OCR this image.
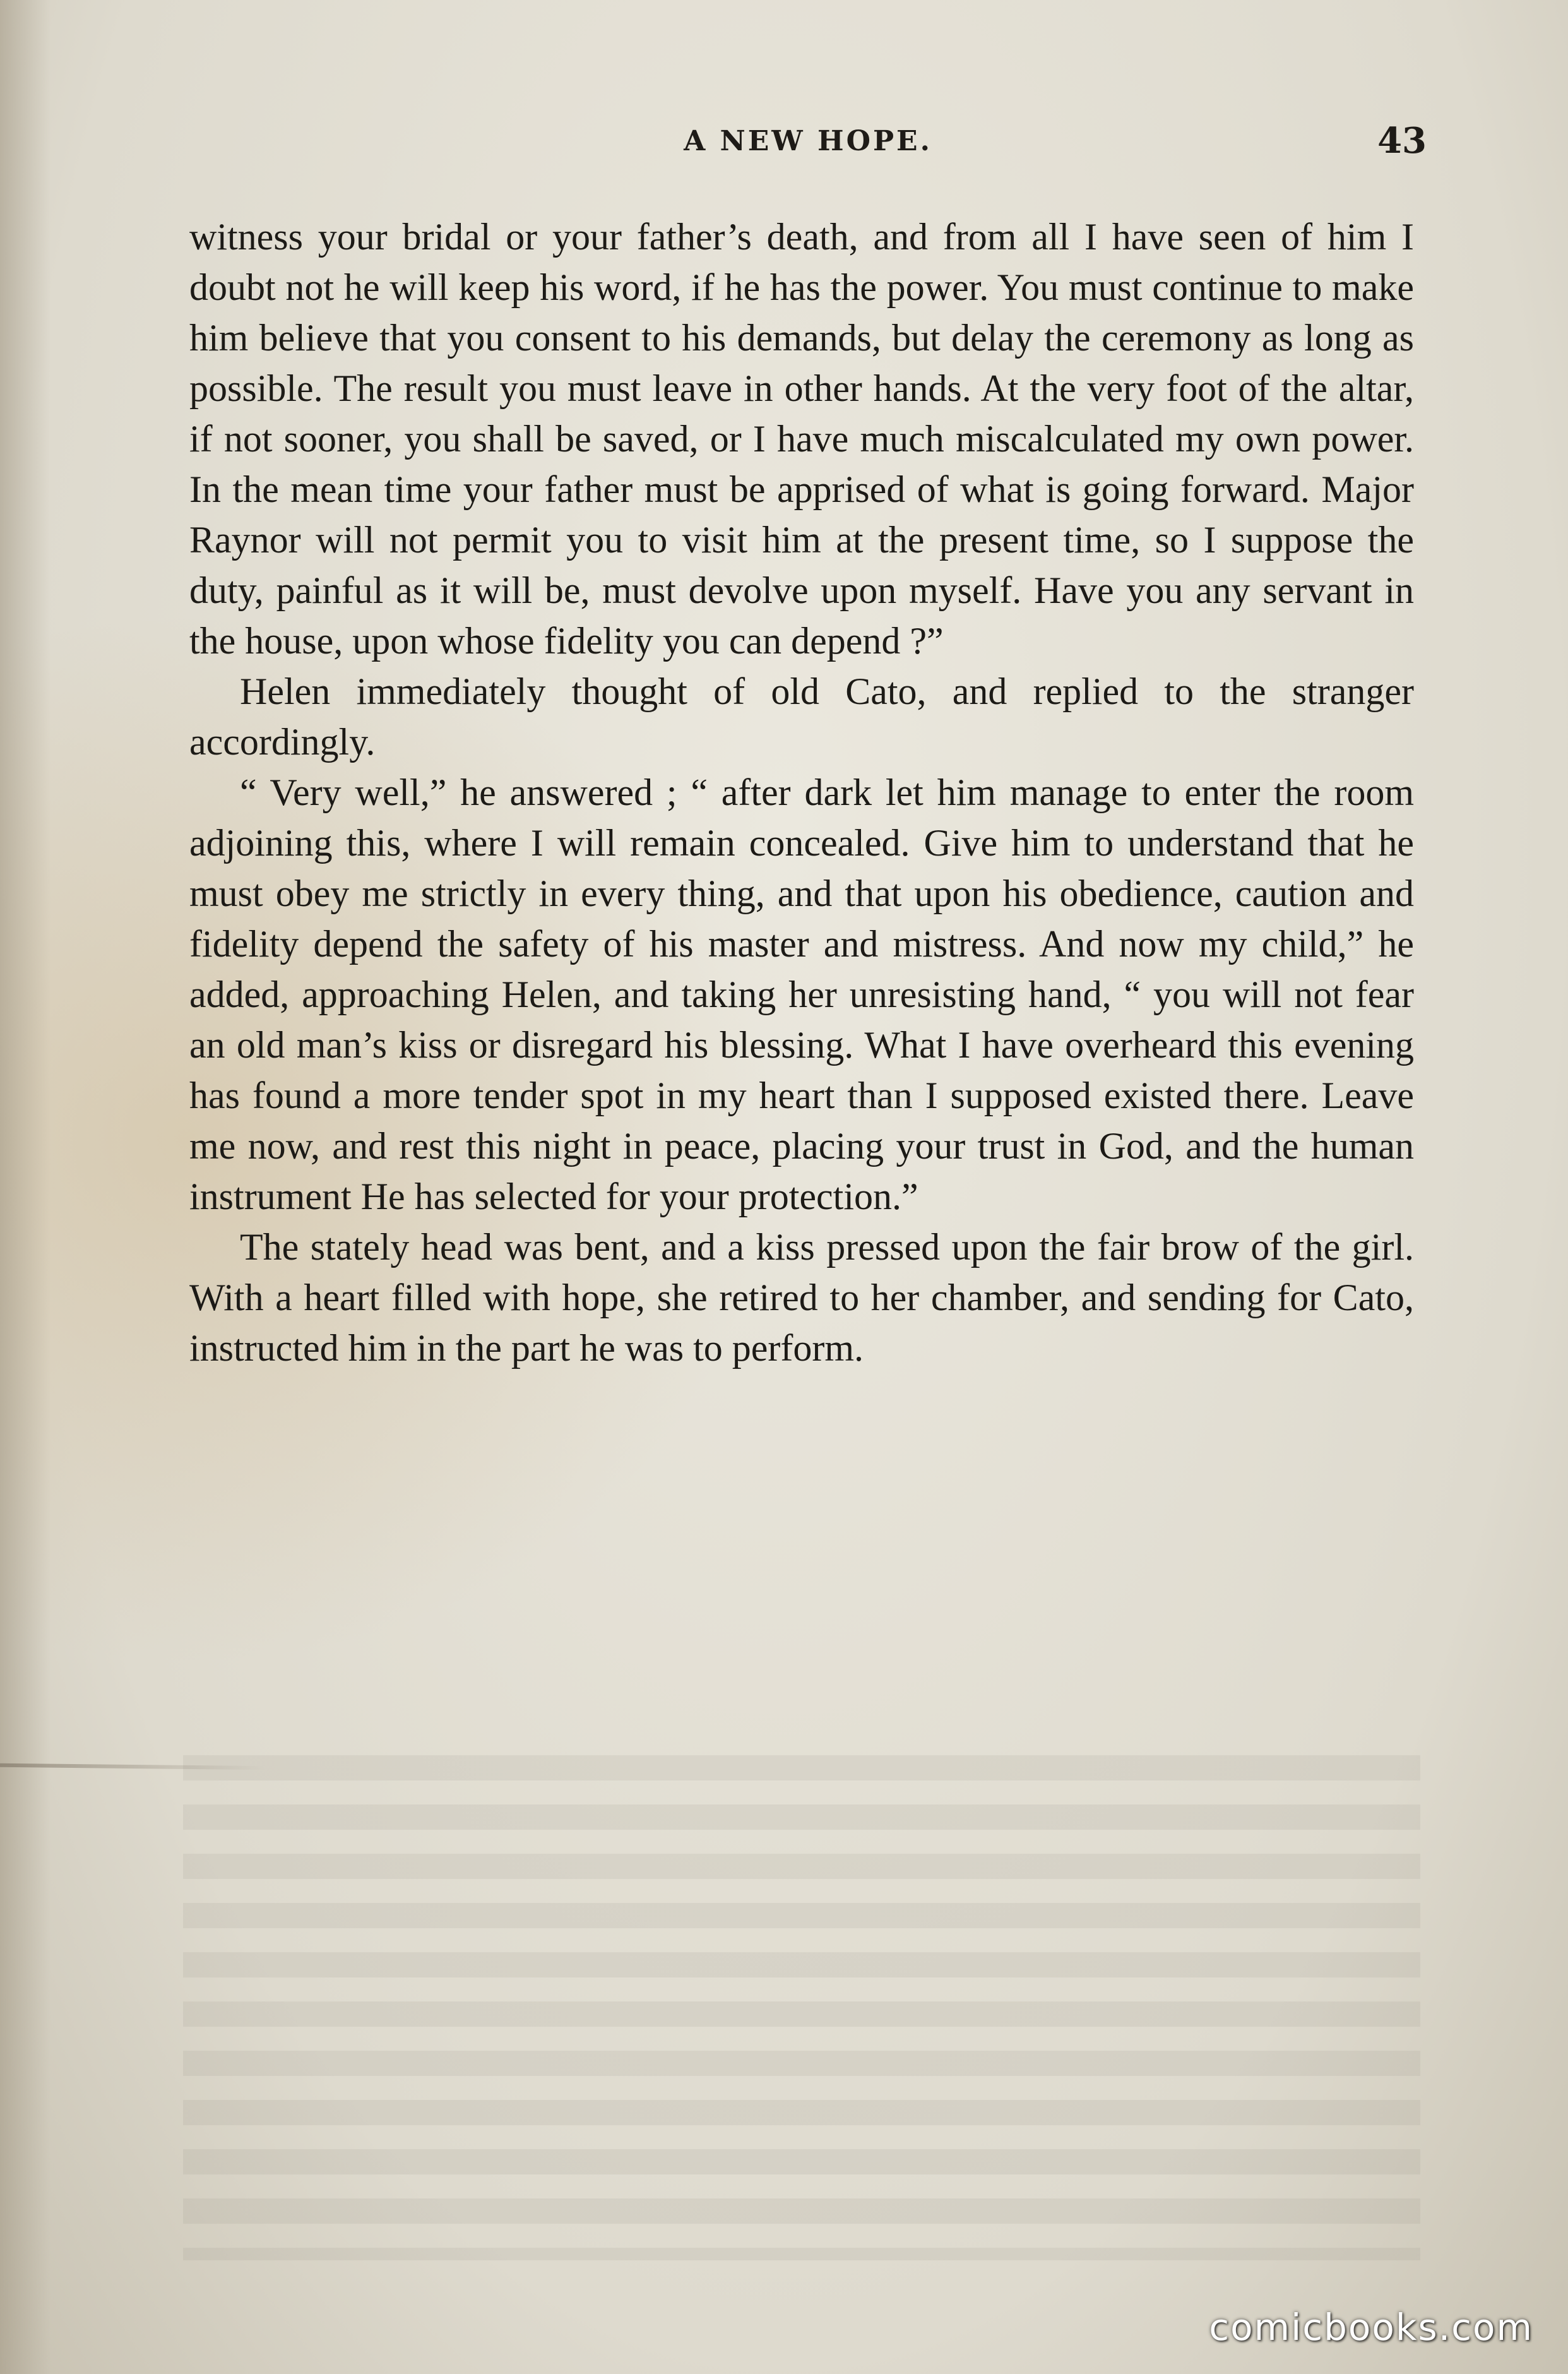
A NEW HOPE.	43

witness your bridal or your father’s death, and from all I have seen of him I doubt not he will keep his word, if he has the power. You must continue to make him believe that you consent to his demands, but delay the ceremony as long as possible. The result you must leave in other hands. At the very foot of the altar, if not sooner, you shall be saved, or I have much miscalculated my own power. In the mean time your father must be apprised of what is going forward. Major Raynor will not permit you to visit him at the present time, so I suppose the duty, painful as it will be, must devolve upon myself. Have you any servant in the house, upon whose fidelity you can depend ?”

Helen immediately thought of old Cato, and replied to the stranger accordingly.

“ Very well,” he answered ; “ after dark let him manage to enter the room adjoining this, where I will remain concealed. Give him to understand that he must obey me strictly in every thing, and that upon his obedience, caution and fidelity depend the safety of his master and mistress. And now my child,” he added, approaching Helen, and taking her unresisting hand, “ you will not fear an old man’s kiss or disregard his blessing. What I have overheard this evening has found a more tender spot in my heart than I supposed existed there. Leave me now, and rest this night in peace, placing your trust in God, and the human instrument He has selected for your protection.”

The stately head was bent, and a kiss pressed upon the fair brow of the girl. With a heart filled with hope, she retired to her chamber, and sending for Cato, instructed him in the part he was to perform.

comicbooks.com
